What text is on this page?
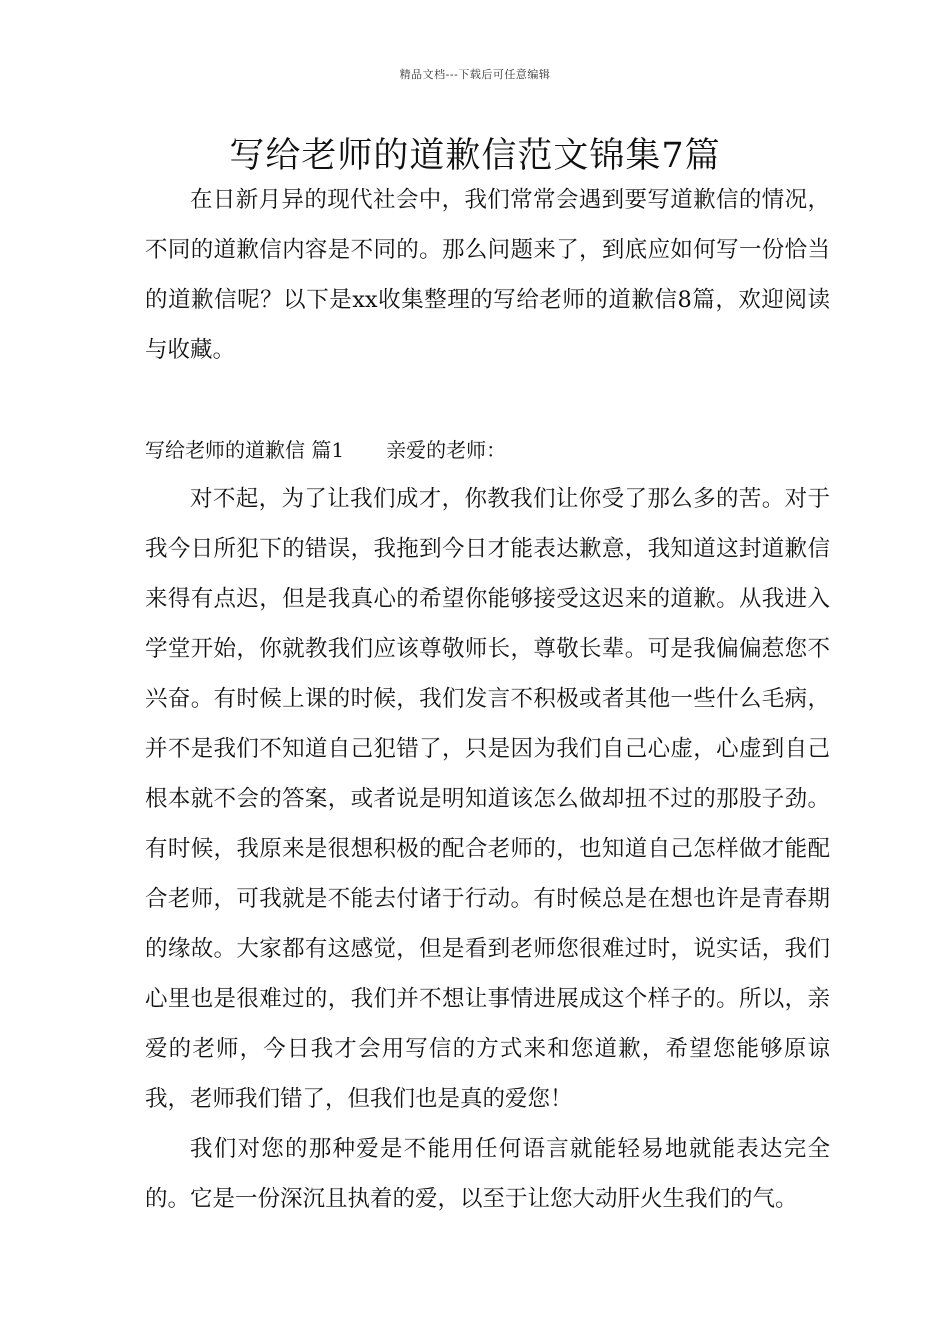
精品文档---下载后可任意编辑
写给老师的道歉信范文锦集7篇

在日新月异的现代社会中，我们常常会遇到要写道歉信的情况，不同的道歉信内容是不同的。那么问题来了，到底应如何写一份恰当的道歉信呢？以下是xx收集整理的写给老师的道歉信8篇，欢迎阅读与收藏。

写给老师的道歉信 篇1 亲爱的老师：

对不起，为了让我们成才，你教我们让你受了那么多的苦。对于我今日所犯下的错误，我拖到今日才能表达歉意，我知道这封道歉信来得有点迟，但是我真心的希望你能够接受这迟来的道歉。从我进入学堂开始，你就教我们应该尊敬师长，尊敬长辈。可是我偏偏惹您不兴奋。有时候上课的时候，我们发言不积极或者其他一些什么毛病，并不是我们不知道自己犯错了，只是因为我们自己心虚，心虚到自己根本就不会的答案，或者说是明知道该怎么做却扭不过的那股子劲。有时候，我原来是很想积极的配合老师的，也知道自己怎样做才能配合老师，可我就是不能去付诸于行动。有时候总是在想也许是青春期的缘故。大家都有这感觉，但是看到老师您很难过时，说实话，我们心里也是很难过的，我们并不想让事情进展成这个样子的。所以，亲爱的老师，今日我才会用写信的方式来和您道歉，希望您能够原谅我，老师我们错了，但我们也是真的爱您！

我们对您的那种爱是不能用任何语言就能轻易地就能表达完全的。它是一份深沉且执着的爱，以至于让您大动肝火生我们的气。
